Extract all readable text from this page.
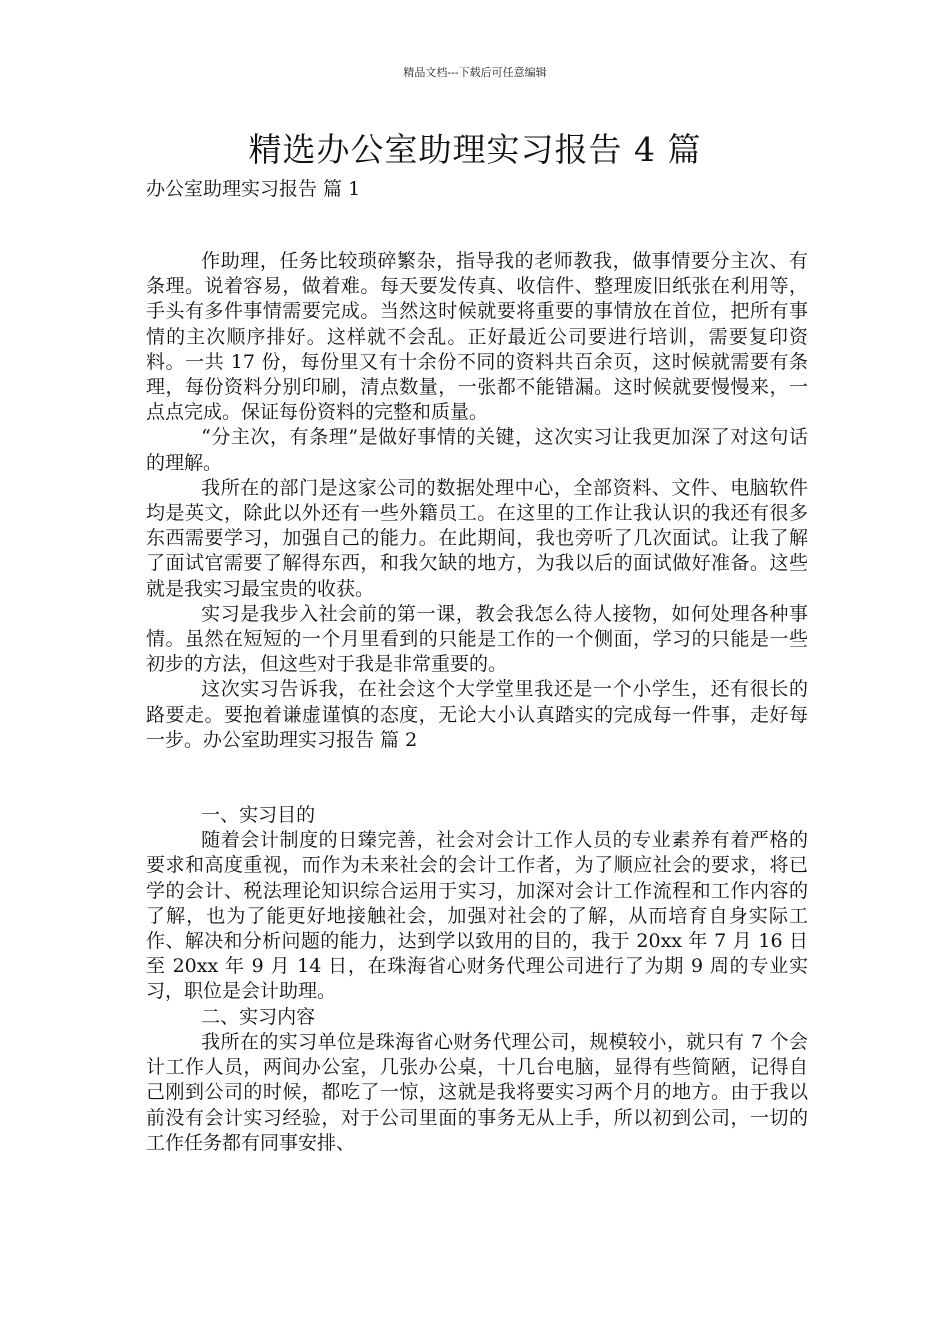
精品文档---下载后可任意编辑
精选办公室助理实习报告 4 篇
办公室助理实习报告 篇 1

作助理，任务比较琐碎繁杂，指导我的老师教我，做事情要分主次、有条理。说着容易，做着难。每天要发传真、收信件、整理废旧纸张在利用等，手头有多件事情需要完成。当然这时候就要将重要的事情放在首位，把所有事情的主次顺序排好。这样就不会乱。正好最近公司要进行培训，需要复印资料。一共 17 份，每份里又有十余份不同的资料共百余页，这时候就需要有条理，每份资料分别印刷，清点数量，一张都不能错漏。这时候就要慢慢来，一点点完成。保证每份资料的完整和质量。

“分主次，有条理”是做好事情的关键，这次实习让我更加深了对这句话的理解。

我所在的部门是这家公司的数据处理中心，全部资料、文件、电脑软件均是英文，除此以外还有一些外籍员工。在这里的工作让我认识的我还有很多东西需要学习，加强自己的能力。在此期间，我也旁听了几次面试。让我了解了面试官需要了解得东西，和我欠缺的地方，为我以后的面试做好准备。这些就是我实习最宝贵的收获。

实习是我步入社会前的第一课，教会我怎么待人接物，如何处理各种事情。虽然在短短的一个月里看到的只能是工作的一个侧面，学习的只能是一些初步的方法，但这些对于我是非常重要的。

这次实习告诉我，在社会这个大学堂里我还是一个小学生，还有很长的路要走。要抱着谦虚谨慎的态度，无论大小认真踏实的完成每一件事，走好每一步。办公室助理实习报告 篇 2

一、实习目的

随着会计制度的日臻完善，社会对会计工作人员的专业素养有着严格的要求和高度重视，而作为未来社会的会计工作者，为了顺应社会的要求，将已学的会计、税法理论知识综合运用于实习，加深对会计工作流程和工作内容的了解，也为了能更好地接触社会，加强对社会的了解，从而培育自身实际工作、解决和分析问题的能力，达到学以致用的目的，我于 20xx 年 7 月 16 日至 20xx 年 9 月 14 日，在珠海省心财务代理公司进行了为期 9 周的专业实习，职位是会计助理。

二、实习内容

我所在的实习单位是珠海省心财务代理公司，规模较小，就只有 7 个会计工作人员，两间办公室，几张办公桌，十几台电脑，显得有些简陋，记得自己刚到公司的时候，都吃了一惊，这就是我将要实习两个月的地方。由于我以前没有会计实习经验，对于公司里面的事务无从上手，所以初到公司，一切的工作任务都有同事安排、
